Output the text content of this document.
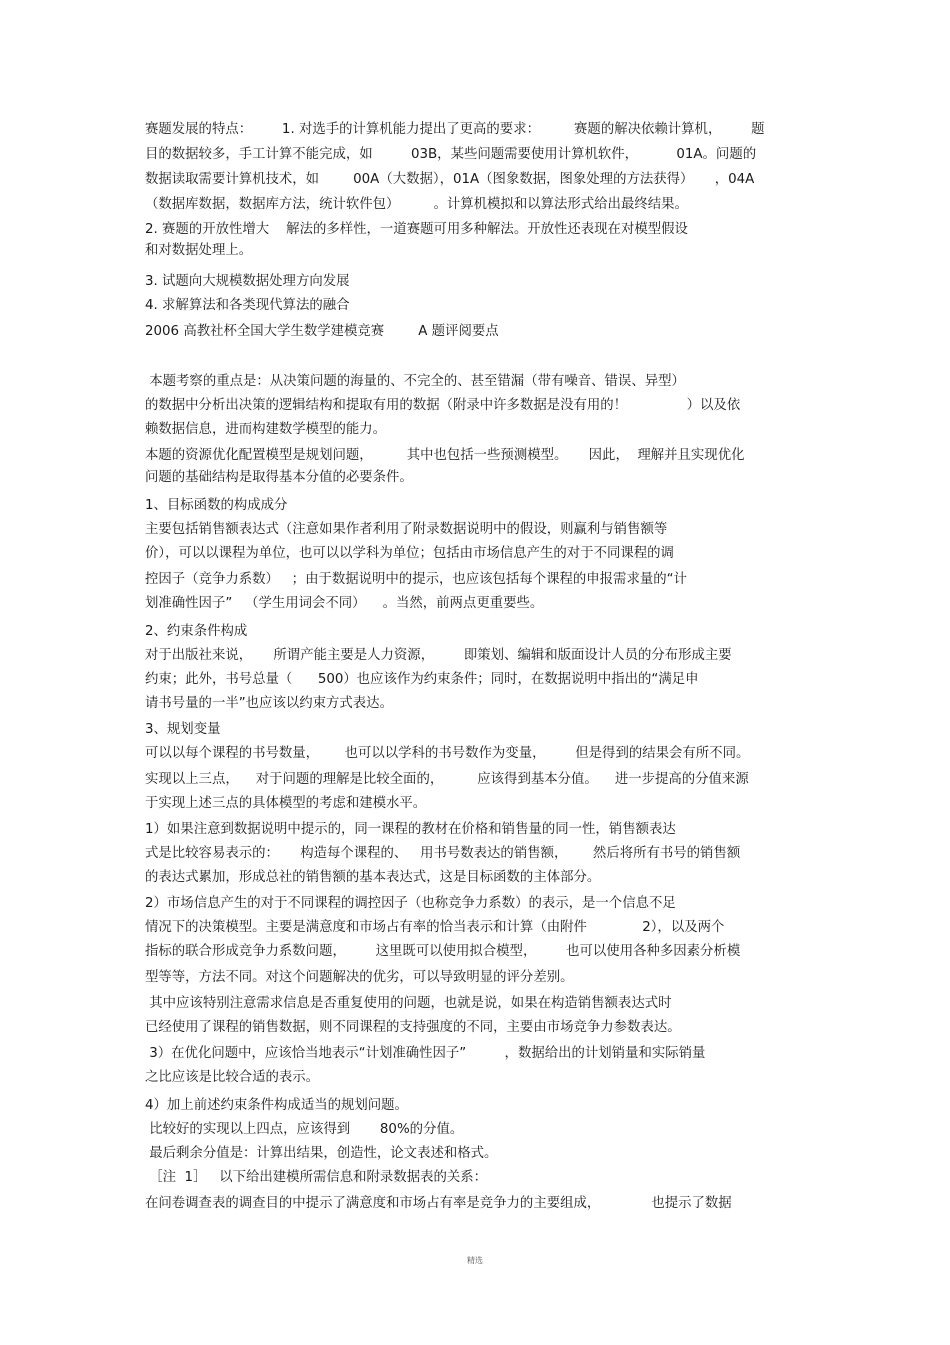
赛题发展的特点：       1. 对选手的计算机能力提出了更高的要求：        赛题的解决依赖计算机，       题
目的数据较多，手工计算不能完成，如         03B，某些问题需要使用计算机软件，         01A。问题的
数据读取需要计算机技术，如        00A（大数据），01A（图象数据，图象处理的方法获得）     ，04A
（数据库数据，数据库方法，统计软件包）        。计算机模拟和以算法形式给出最终结果。
2. 赛题的开放性增大    解法的多样性，一道赛题可用多种解法。开放性还表现在对模型假设
和对数据处理上。
3. 试题向大规模数据处理方向发展
4. 求解算法和各类现代算法的融合
2006 高教社杯全国大学生数学建模竞赛        A 题评阅要点
本题考察的重点是：从决策问题的海量的、不完全的、甚至错漏（带有噪音、错误、异型）
的数据中分析出决策的逻辑结构和提取有用的数据（附录中许多数据是没有用的！              ）以及依
赖数据信息，进而构建数学模型的能力。
本题的资源优化配置模型是规划问题，        其中也包括一些预测模型。     因此，  理解并且实现优化
问题的基础结构是取得基本分值的必要条件。
1、目标函数的构成成分
主要包括销售额表达式（注意如果作者利用了附录数据说明中的假设，则赢利与销售额等
价），可以以课程为单位，也可以以学科为单位；包括由市场信息产生的对于不同课程的调
控因子（竞争力系数）   ；由于数据说明中的提示，也应该包括每个课程的申报需求量的“计
划准确性因子”   （学生用词会不同）    。当然，前两点更重要些。
2、约束条件构成
对于出版社来说，     所谓产能主要是人力资源，       即策划、编辑和版面设计人员的分布形成主要
约束；此外，书号总量（      500）也应该作为约束条件；同时，在数据说明中指出的“满足申
请书号量的一半”也应该以约束方式表达。
3、规划变量
可以以每个课程的书号数量，      也可以以学科的书号数作为变量，       但是得到的结果会有所不同。
实现以上三点，    对于问题的理解是比较全面的，        应该得到基本分值。    进一步提高的分值来源
于实现上述三点的具体模型的考虑和建模水平。
1）如果注意到数据说明中提示的，同一课程的教材在价格和销售量的同一性，销售额表达
式是比较容易表示的：     构造每个课程的、   用书号数表达的销售额，      然后将所有书号的销售额
的表达式累加，形成总社的销售额的基本表达式，这是目标函数的主体部分。
2）市场信息产生的对于不同课程的调控因子（也称竞争力系数）的表示，是一个信息不足
情况下的决策模型。主要是满意度和市场占有率的恰当表示和计算（由附件             2），以及两个
指标的联合形成竞争力系数问题，       这里既可以使用拟合模型，       也可以使用各种多因素分析模
型等等，方法不同。对这个问题解决的优劣，可以导致明显的评分差别。
其中应该特别注意需求信息是否重复使用的问题，也就是说，如果在构造销售额表达式时
已经使用了课程的销售数据，则不同课程的支持强度的不同，主要由市场竞争力参数表达。
3）在优化问题中，应该恰当地表示“计划准确性因子”         ，数据给出的计划销量和实际销量
之比应该是比较合适的表示。
4）加上前述约束条件构成适当的规划问题。
比较好的实现以上四点，应该得到       80%的分值。
最后剩余分值是：计算出结果，创造性，论文表述和格式。
［注  1］   以下给出建模所需信息和附录数据表的关系：
在问卷调查表的调查目的中提示了满意度和市场占有率是竞争力的主要组成，            也提示了数据
精选
